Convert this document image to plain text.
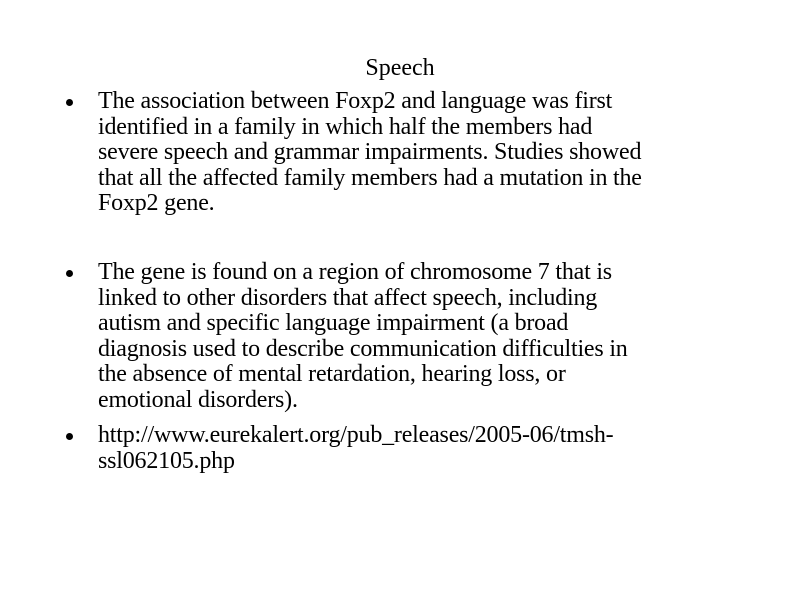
Speech
The association between Foxp2 and language was first
identified in a family in which half the members had
severe speech and grammar impairments. Studies showed
that all the affected family members had a mutation in the
Foxp2 gene.
The gene is found on a region of chromosome 7 that is
linked to other disorders that affect speech, including
autism and specific language impairment (a broad
diagnosis used to describe communication difficulties in
the absence of mental retardation, hearing loss, or
emotional disorders).
http://www.eurekalert.org/pub_releases/2005-06/tmsh-
ssl062105.php
